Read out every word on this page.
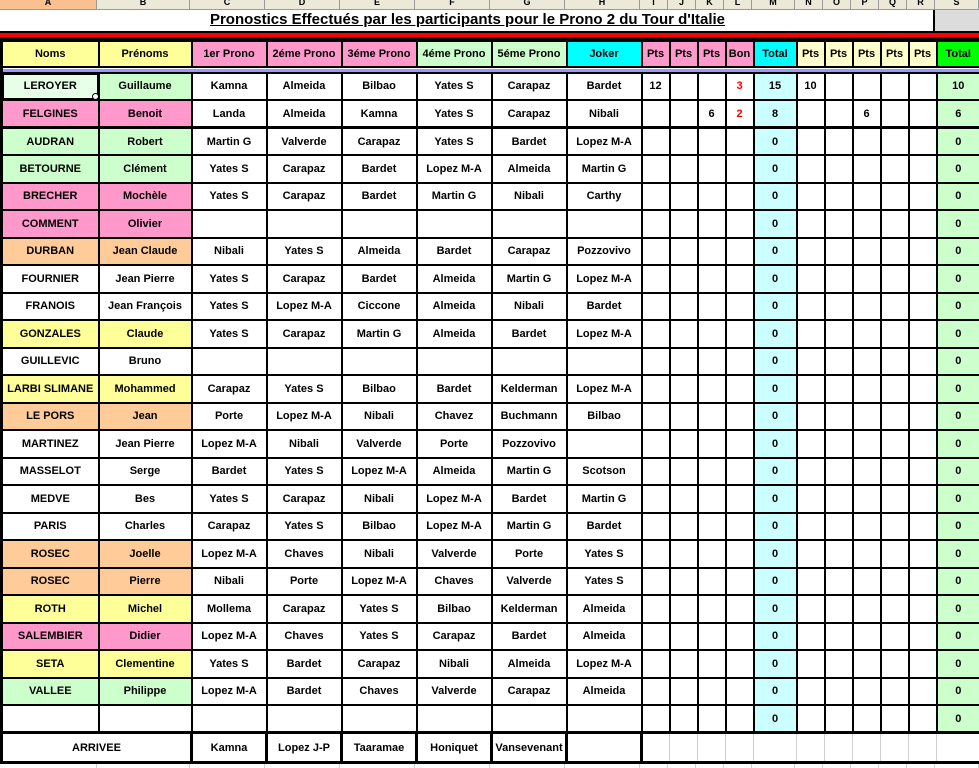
A	B	C	D	E	F	G	H	I	J	K	L	M	N	O	P	Q	R	S
Pronostics Effectués par les participants pour le Prono 2 du Tour d'Italie
Noms	Prénoms	1er Prono	2éme Prono	3éme Prono	4éme Prono	5éme Prono	Joker	Pts	Pts	Pts	Bon	Total	Pts	Pts	Pts	Pts	Pts	Total

LEROYER	Guillaume	Kamna	Almeida	Bilbao	Yates S	Carapaz	Bardet	12			3	15	10					10
FELGINES	Benoit	Landa	Almeida	Kamna	Yates S	Carapaz	Nibali			6	2	8			6			6
AUDRAN	Robert	Martin G	Valverde	Carapaz	Yates S	Bardet	Lopez M-A					0						0
BETOURNE	Clément	Yates S	Carapaz	Bardet	Lopez M-A	Almeida	Martin G					0						0
BRECHER	Mochèle	Yates S	Carapaz	Bardet	Martin G	Nibali	Carthy					0						0
COMMENT	Olivier											0						0
DURBAN	Jean Claude	Nibali	Yates S	Almeida	Bardet	Carapaz	Pozzovivo					0						0
FOURNIER	Jean Pierre	Yates S	Carapaz	Bardet	Almeida	Martin G	Lopez M-A					0						0
FRANOIS	Jean François	Yates S	Lopez M-A	Ciccone	Almeida	Nibali	Bardet					0						0
GONZALES	Claude	Yates S	Carapaz	Martin G	Almeida	Bardet	Lopez M-A					0						0
GUILLEVIC	Bruno											0						0
LARBI SLIMANE	Mohammed	Carapaz	Yates S	Bilbao	Bardet	Kelderman	Lopez M-A					0						0
LE PORS	Jean	Porte	Lopez M-A	Nibali	Chavez	Buchmann	Bilbao					0						0
MARTINEZ	Jean Pierre	Lopez M-A	Nibali	Valverde	Porte	Pozzovivo						0						0
MASSELOT	Serge	Bardet	Yates S	Lopez M-A	Almeida	Martin G	Scotson					0						0
MEDVE	Bes	Yates S	Carapaz	Nibali	Lopez M-A	Bardet	Martin G					0						0
PARIS	Charles	Carapaz	Yates S	Bilbao	Lopez M-A	Martin G	Bardet					0						0
ROSEC	Joelle	Lopez M-A	Chaves	Nibali	Valverde	Porte	Yates S					0						0
ROSEC	Pierre	Nibali	Porte	Lopez M-A	Chaves	Valverde	Yates S					0						0
ROTH	Michel	Mollema	Carapaz	Yates S	Bilbao	Kelderman	Almeida					0						0
SALEMBIER	Didier	Lopez M-A	Chaves	Yates S	Carapaz	Bardet	Almeida					0						0
SETA	Clementine	Yates S	Bardet	Carapaz	Nibali	Almeida	Lopez M-A					0						0
VALLEE	Philippe	Lopez M-A	Bardet	Chaves	Valverde	Carapaz	Almeida					0						0
												0						0
ARRIVEE		Kamna	Lopez J-P	Taaramae	Honiquet	Vansevenant												
